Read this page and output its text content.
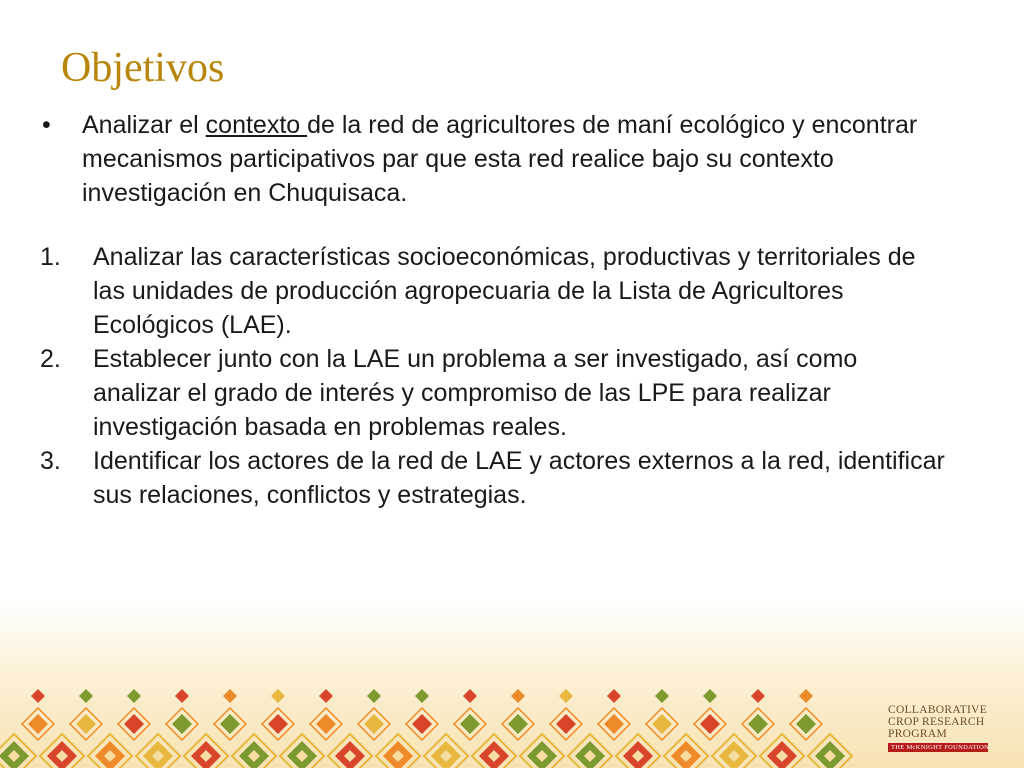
Objetivos
•	Analizar el contexto de la red de agricultores de maní ecológico y encontrar mecanismos participativos par que esta red realice bajo su contexto investigación en Chuquisaca.
1.	Analizar las características socioeconómicas, productivas y territoriales de las unidades de producción agropecuaria de la Lista de Agricultores Ecológicos (LAE).
2.	Establecer junto con la LAE un problema a ser investigado, así como analizar el grado de interés y compromiso de las LPE para realizar investigación basada en problemas reales.
3.	Identificar los actores de la red de LAE y actores externos a la red, identificar sus relaciones, conflictos y estrategias.
COLLABORATIVE
CROP RESEARCH
PROGRAM
THE McKNIGHT FOUNDATION
